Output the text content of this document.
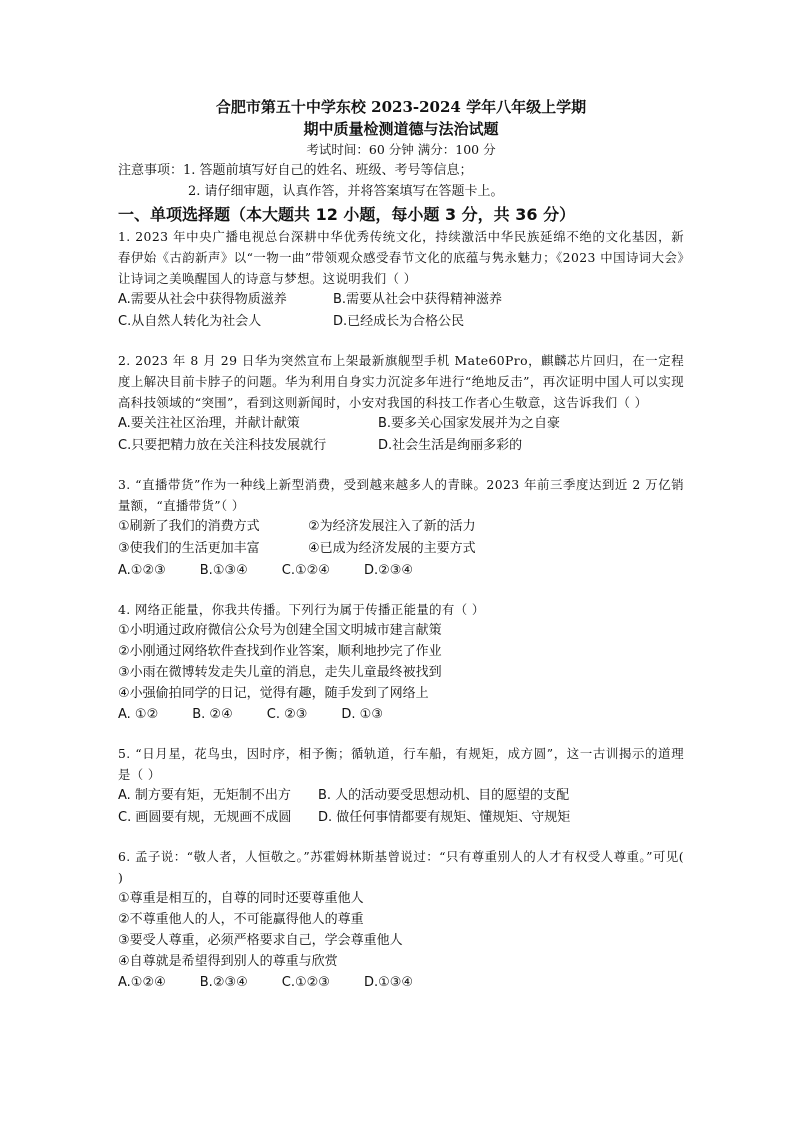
合肥市第五十中学东校 2023-2024 学年八年级上学期

期中质量检测道德与法治试题

考试时间：60 分钟 满分：100 分

注意事项：1. 答题前填写好自己的姓名、班级、考号等信息；

2. 请仔细审题，认真作答，并将答案填写在答题卡上。

一、单项选择题（本大题共 12 小题，每小题 3 分，共 36 分）

1. 2023 年中央广播电视总台深耕中华优秀传统文化，持续激活中华民族延绵不绝的文化基因，新春伊始《古韵新声》以“一物一曲”带领观众感受春节文化的底蕴与隽永魅力；《2023 中国诗词大会》让诗词之美唤醒国人的诗意与梦想。这说明我们（ ）

A.需要从社会中获得物质滋养	B.需要从社会中获得精神滋养
C.从自然人转化为社会人	D.已经成长为合格公民

2. 2023 年 8 月 29 日华为突然宣布上架最新旗舰型手机 Mate60Pro，麒麟芯片回归，在一定程度上解决目前卡脖子的问题。华为利用自身实力沉淀多年进行“绝地反击”，再次证明中国人可以实现高科技领域的“突围”，看到这则新闻时，小安对我国的科技工作者心生敬意，这告诉我们（ ）

A.要关注社区治理，并献计献策	B.要多关心国家发展并为之自豪
C.只要把精力放在关注科技发展就行	D.社会生活是绚丽多彩的

3. “直播带货”作为一种线上新型消费，受到越来越多人的青睐。2023 年前三季度达到近 2 万亿销量额，“直播带货”（ ）

①刷新了我们的消费方式	②为经济发展注入了新的活力
③使我们的生活更加丰富	④已成为经济发展的主要方式
A.①②③	B.①③④	C.①②④	D.②③④

4. 网络正能量，你我共传播。下列行为属于传播正能量的有（ ）

①小明通过政府微信公众号为创建全国文明城市建言献策

②小刚通过网络软件查找到作业答案，顺利地抄完了作业

③小雨在微博转发走失儿童的消息，走失儿童最终被找到

④小强偷拍同学的日记，觉得有趣，随手发到了网络上

A. ①②	B. ②④	C. ②③	D. ①③

5. “日月星，花鸟虫，因时序，相予衡；循轨道，行车船，有规矩，成方圆”，这一古训揭示的道理是（ ）

A. 制方要有矩，无矩制不出方	B. 人的活动要受思想动机、目的愿望的支配
C. 画圆要有规，无规画不成圆	D. 做任何事情都要有规矩、懂规矩、守规矩

6. 孟子说：“敬人者，人恒敬之。”苏霍姆林斯基曾说过：“只有尊重别人的人才有权受人尊重。”可见( )

①尊重是相互的，自尊的同时还要尊重他人

②不尊重他人的人，不可能赢得他人的尊重

③要受人尊重，必须严格要求自己，学会尊重他人

④自尊就是希望得到别人的尊重与欣赏

A.①②④	B.②③④	C.①②③	D.①③④
